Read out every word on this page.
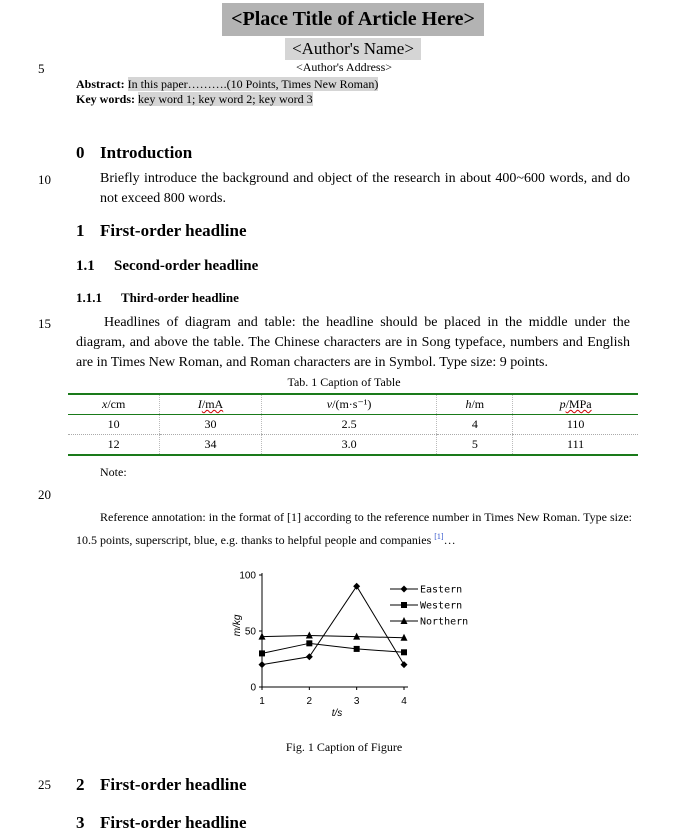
5
10
15
20
25
<Place Title of Article Here>
<Author's Name>
<Author's Address>
Abstract: In this paper……….(10 Points, Times New Roman)
Key words: key word 1; key word 2; key word 3
0 Introduction
Briefly introduce the background and object of the research in about 400~600 words, and do not exceed 800 words.
1 First-order headline
1.1 Second-order headline
1.1.1 Third-order headline
Headlines of diagram and table: the headline should be placed in the middle under the diagram, and above the table. The Chinese characters are in Song typeface, numbers and English are in Times New Roman, and Roman characters are in Symbol. Type size: 9 points.
Tab. 1 Caption of Table
x/cm	I/mA	v/(m·s⁻¹)	h/m	p/MPa
10	30	2.5	4	110
12	34	3.0	5	111
Note:
Reference annotation: in the format of [1] according to the reference number in Times New Roman. Type size: 10.5 points, superscript, blue, e.g. thanks to helpful people and companies [1]…
0
50
100
1	2	3	4
t/s
m/kg
Eastern
Western
Northern
Fig. 1 Caption of Figure
2 First-order headline
3 First-order headline
